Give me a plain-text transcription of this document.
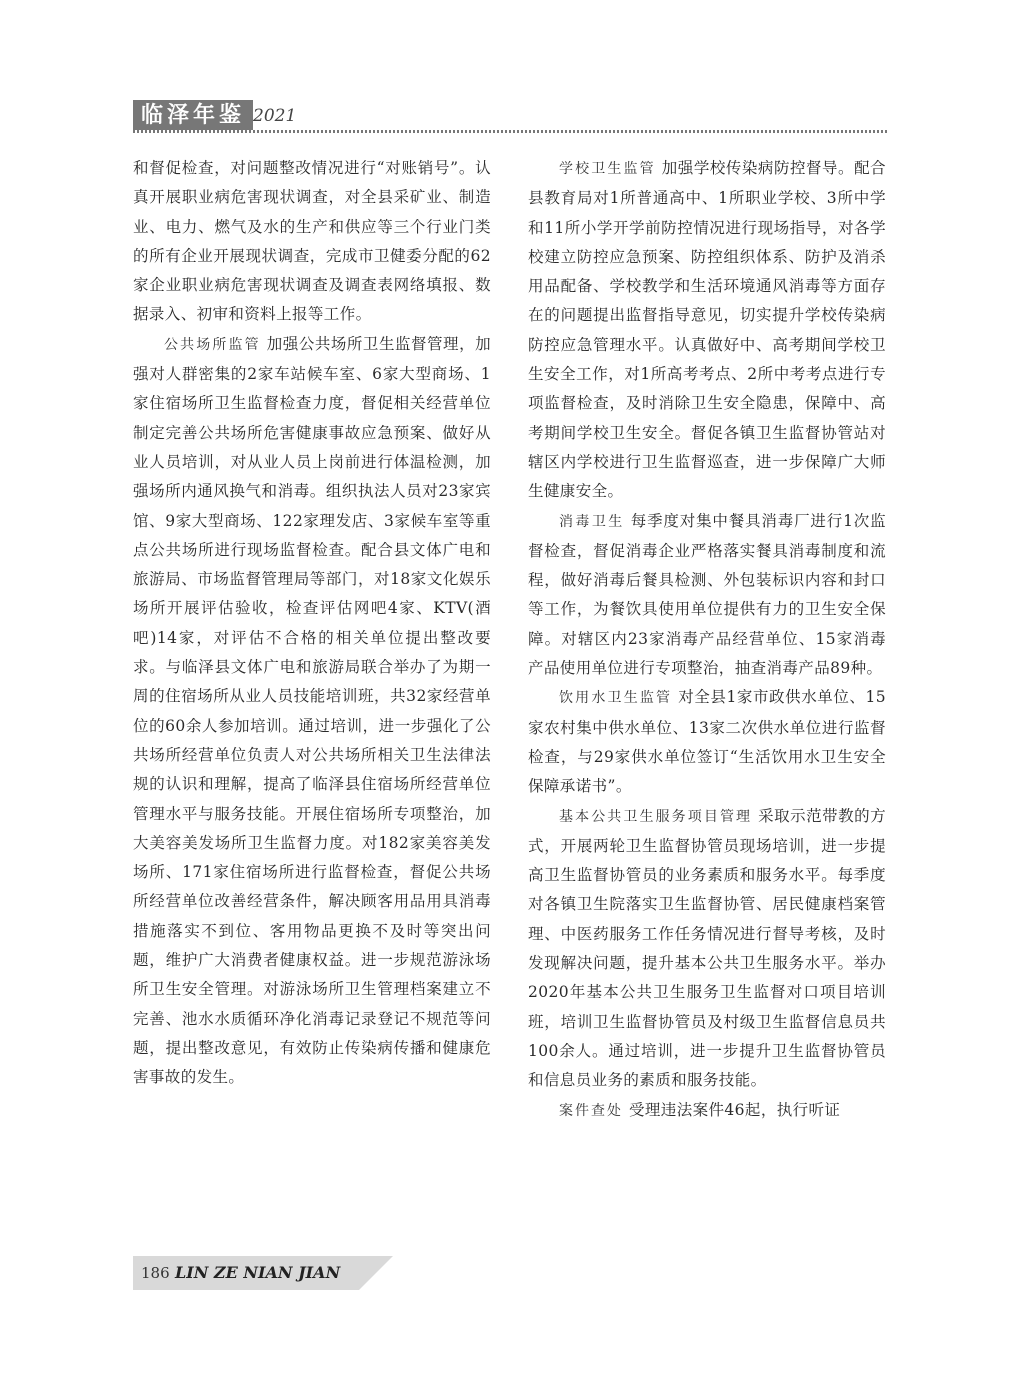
临泽年鉴 2021

和督促检查，对问题整改情况进行“对账销号”。认真开展职业病危害现状调查，对全县采矿业、制造业、电力、燃气及水的生产和供应等三个行业门类的所有企业开展现状调查，完成市卫健委分配的62家企业职业病危害现状调查及调查表网络填报、数据录入、初审和资料上报等工作。

公共场所监管 加强公共场所卫生监督管理，加强对人群密集的2家车站候车室、6家大型商场、1家住宿场所卫生监督检查力度，督促相关经营单位制定完善公共场所危害健康事故应急预案、做好从业人员培训，对从业人员上岗前进行体温检测，加强场所内通风换气和消毒。组织执法人员对23家宾馆、9家大型商场、122家理发店、3家候车室等重点公共场所进行现场监督检查。配合县文体广电和旅游局、市场监督管理局等部门，对18家文化娱乐场所开展评估验收，检查评估网吧4家、KTV(酒吧)14家，对评估不合格的相关单位提出整改要求。与临泽县文体广电和旅游局联合举办了为期一周的住宿场所从业人员技能培训班，共32家经营单位的60余人参加培训。通过培训，进一步强化了公共场所经营单位负责人对公共场所相关卫生法律法规的认识和理解，提高了临泽县住宿场所经营单位管理水平与服务技能。开展住宿场所专项整治，加大美容美发场所卫生监督力度。对182家美容美发场所、171家住宿场所进行监督检查，督促公共场所经营单位改善经营条件，解决顾客用品用具消毒措施落实不到位、客用物品更换不及时等突出问题，维护广大消费者健康权益。进一步规范游泳场所卫生安全管理。对游泳场所卫生管理档案建立不完善、池水水质循环净化消毒记录登记不规范等问题，提出整改意见，有效防止传染病传播和健康危害事故的发生。

学校卫生监管 加强学校传染病防控督导。配合县教育局对1所普通高中、1所职业学校、3所中学和11所小学开学前防控情况进行现场指导，对各学校建立防控应急预案、防控组织体系、防护及消杀用品配备、学校教学和生活环境通风消毒等方面存在的问题提出监督指导意见，切实提升学校传染病防控应急管理水平。认真做好中、高考期间学校卫生安全工作，对1所高考考点、2所中考考点进行专项监督检查，及时消除卫生安全隐患，保障中、高考期间学校卫生安全。督促各镇卫生监督协管站对辖区内学校进行卫生监督巡查，进一步保障广大师生健康安全。

消毒卫生 每季度对集中餐具消毒厂进行1次监督检查，督促消毒企业严格落实餐具消毒制度和流程，做好消毒后餐具检测、外包装标识内容和封口等工作，为餐饮具使用单位提供有力的卫生安全保障。对辖区内23家消毒产品经营单位、15家消毒产品使用单位进行专项整治，抽查消毒产品89种。

饮用水卫生监管 对全县1家市政供水单位、15家农村集中供水单位、13家二次供水单位进行监督检查，与29家供水单位签订“生活饮用水卫生安全保障承诺书”。

基本公共卫生服务项目管理 采取示范带教的方式，开展两轮卫生监督协管员现场培训，进一步提高卫生监督协管员的业务素质和服务水平。每季度对各镇卫生院落实卫生监督协管、居民健康档案管理、中医药服务工作任务情况进行督导考核，及时发现解决问题，提升基本公共卫生服务水平。举办2020年基本公共卫生服务卫生监督对口项目培训班，培训卫生监督协管员及村级卫生监督信息员共100余人。通过培训，进一步提升卫生监督协管员和信息员业务的素质和服务技能。

案件查处 受理违法案件46起，执行听证

186 LIN ZE NIAN JIAN
